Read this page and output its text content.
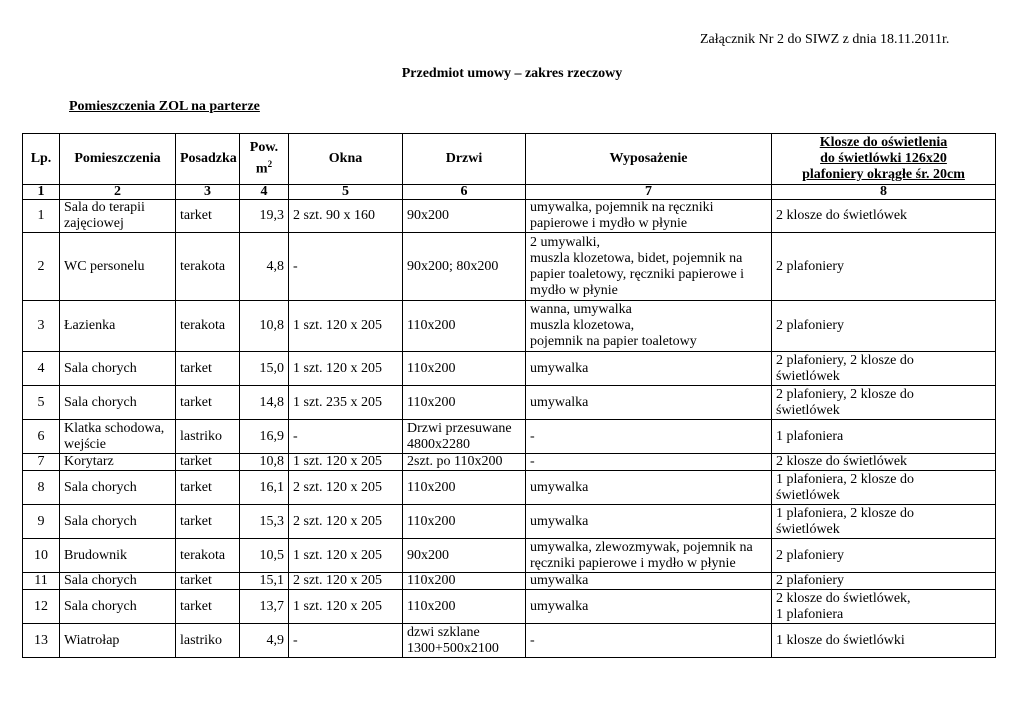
Załącznik Nr 2 do SIWZ z dnia 18.11.2011r.
Przedmiot umowy – zakres rzeczowy
Pomieszczenia ZOL na parterze
Lp.	Pomieszczenia	Posadzka	Pow.
$m^2$	Okna	Drzwi	Wyposażenie	Klosze do oświetlenia
do świetlówki 126x20
plafoniery okrągłe śr. 20cm
1	2	3	4	5	6	7	8
1	Sala do terapii
zajęciowej	tarket	19,3	2 szt. 90 x 160	90x200	umywalka, pojemnik na ręczniki
papierowe i mydło w płynie	2 klosze do świetlówek
2	WC personelu	terakota	4,8	-	90x200; 80x200	2 umywalki,
muszla klozetowa, bidet, pojemnik na
papier toaletowy, ręczniki papierowe i
mydło w płynie	2 plafoniery
3	Łazienka	terakota	10,8	1 szt. 120 x 205	110x200	wanna, umywalka
muszla klozetowa,
pojemnik na papier toaletowy	2 plafoniery
4	Sala chorych	tarket	15,0	1 szt. 120 x 205	110x200	umywalka	2 plafoniery, 2 klosze do
świetlówek
5	Sala chorych	tarket	14,8	1 szt. 235 x 205	110x200	umywalka	2 plafoniery, 2 klosze do
świetlówek
6	Klatka schodowa,
wejście	lastriko	16,9	-	Drzwi przesuwane
4800x2280	-	1 plafoniera
7	Korytarz	tarket	10,8	1 szt. 120 x 205	2szt. po 110x200	-	2 klosze do świetlówek
8	Sala chorych	tarket	16,1	2 szt. 120 x 205	110x200	umywalka	1 plafoniera, 2 klosze do
świetlówek
9	Sala chorych	tarket	15,3	2 szt. 120 x 205	110x200	umywalka	1 plafoniera, 2 klosze do
świetlówek
10	Brudownik	terakota	10,5	1 szt. 120 x 205	90x200	umywalka, zlewozmywak, pojemnik na
ręczniki papierowe i mydło w płynie	2 plafoniery
11	Sala chorych	tarket	15,1	2 szt. 120 x 205	110x200	umywalka	2 plafoniery
12	Sala chorych	tarket	13,7	1 szt. 120 x 205	110x200	umywalka	2 klosze do świetlówek,
1 plafoniera
13	Wiatrołap	lastriko	4,9	-	dzwi szklane
1300+500x2100	-	1 klosze do świetlówki
